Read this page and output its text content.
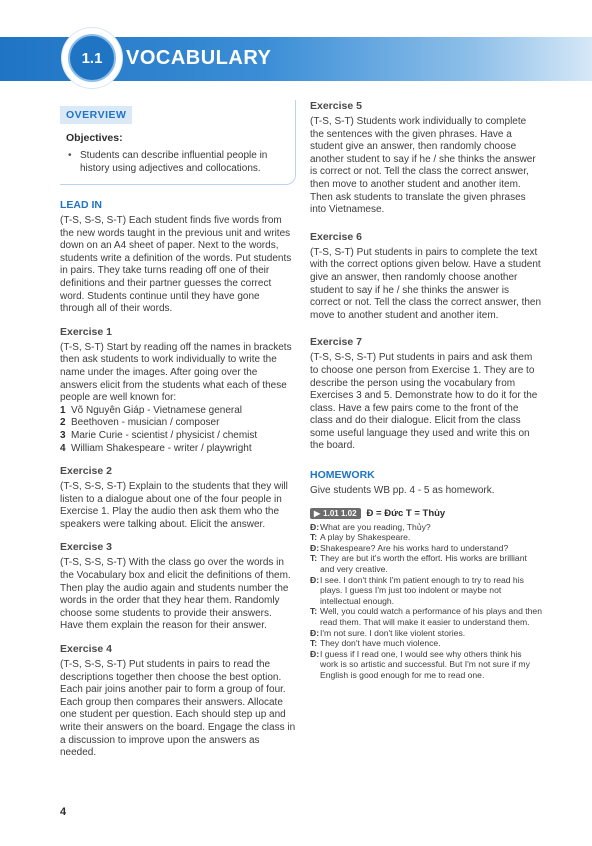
1.1	VOCABULARY
OVERVIEW
Objectives:
• Students can describe influential people in history using adjectives and collocations.
LEAD IN

(T-S, S-S, S-T) Each student finds five words from the new words taught in the previous unit and writes down on an A4 sheet of paper. Next to the words, students write a definition of the words. Put students in pairs. They take turns reading off one of their definitions and their partner guesses the correct word. Students continue until they have gone through all of their words.

Exercise 1

(T-S, S-T) Start by reading off the names in brackets then ask students to work individually to write the name under the images. After going over the answers elicit from the students what each of these people are well known for:

1 Võ Nguyên Giáp - Vietnamese general
2 Beethoven - musician / composer
3 Marie Curie - scientist / physicist / chemist
4 William Shakespeare - writer / playwright
Exercise 2

(T-S, S-S, S-T) Explain to the students that they will listen to a dialogue about one of the four people in Exercise 1. Play the audio then ask them who the speakers were talking about. Elicit the answer.

Exercise 3

(T-S, S-S, S-T) With the class go over the words in the Vocabulary box and elicit the definitions of them. Then play the audio again and students number the words in the order that they hear them. Randomly choose some students to provide their answers. Have them explain the reason for their answer.

Exercise 4

(T-S, S-S, S-T) Put students in pairs to read the descriptions together then choose the best option. Each pair joins another pair to form a group of four. Each group then compares their answers. Allocate one student per question. Each should step up and write their answers on the board. Engage the class in a discussion to improve upon the answers as needed.

Exercise 5

(T-S, S-T) Students work individually to complete the sentences with the given phrases. Have a student give an answer, then randomly choose another student to say if he / she thinks the answer is correct or not. Tell the class the correct answer, then move to another student and another item. Then ask students to translate the given phrases into Vietnamese.

Exercise 6

(T-S, S-T) Put students in pairs to complete the text with the correct options given below. Have a student give an answer, then randomly choose another student to say if he / she thinks the answer is correct or not. Tell the class the correct answer, then move to another student and another item.

Exercise 7

(T-S, S-S, S-T) Put students in pairs and ask them to choose one person from Exercise 1. They are to describe the person using the vocabulary from Exercises 3 and 5. Demonstrate how to do it for the class. Have a few pairs come to the front of the class and do their dialogue. Elicit from the class some useful language they used and write this on the board.

HOMEWORK

Give students WB pp. 4 - 5 as homework.

▶ 1.01 1.02 Đ = Đức T = Thủy
Đ: What are you reading, Thủy?
T: A play by Shakespeare.
Đ: Shakespeare? Are his works hard to understand?
T: They are but it's worth the effort. His works are brilliant and very creative.
Đ: I see. I don't think I'm patient enough to try to read his plays. I guess I'm just too indolent or maybe not intellectual enough.
T: Well, you could watch a performance of his plays and then read them. That will make it easier to understand them.
Đ: I'm not sure. I don't like violent stories.
T: They don't have much violence.
Đ: I guess if I read one, I would see why others think his work is so artistic and successful. But I'm not sure if my English is good enough for me to read one.
4
